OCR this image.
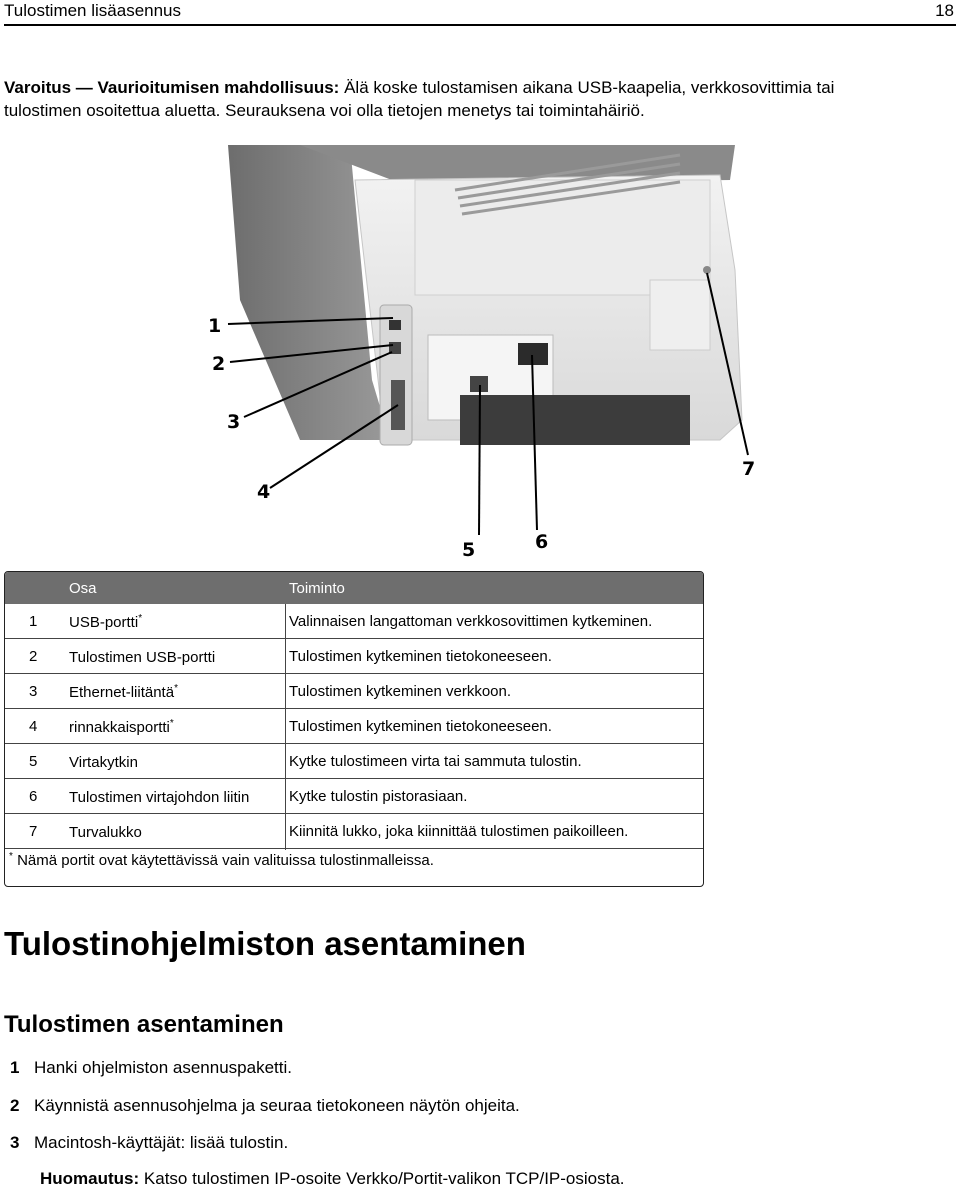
Tulostimen lisäasennus	18
Varoitus — Vaurioitumisen mahdollisuus: Älä koske tulostamisen aikana USB-kaapelia, verkkosovittimia tai
tulostimen osoitettua aluetta. Seurauksena voi olla tietojen menetys tai toimintahäiriö.
1
2
3
4
5	6
7
Osa	Toiminto
1 USB-portti*	Valinnaisen langattoman verkkosovittimen kytkeminen.
2 Tulostimen USB-portti	Tulostimen kytkeminen tietokoneeseen.
3 Ethernet-liitäntä*	Tulostimen kytkeminen verkkoon.
4 rinnakkaisportti*	Tulostimen kytkeminen tietokoneeseen.
5 Virtakytkin	Kytke tulostimeen virta tai sammuta tulostin.
6 Tulostimen virtajohdon liitin	Kytke tulostin pistorasiaan.
7 Turvalukko	Kiinnitä lukko, joka kiinnittää tulostimen paikoilleen.
* Nämä portit ovat käytettävissä vain valituissa tulostinmalleissa.
Tulostinohjelmiston asentaminen
Tulostimen asentaminen
1 Hanki ohjelmiston asennuspaketti.
2 Käynnistä asennusohjelma ja seuraa tietokoneen näytön ohjeita.
3 Macintosh-käyttäjät: lisää tulostin.
Huomautus: Katso tulostimen IP-osoite Verkko/Portit-valikon TCP/IP-osiosta.
